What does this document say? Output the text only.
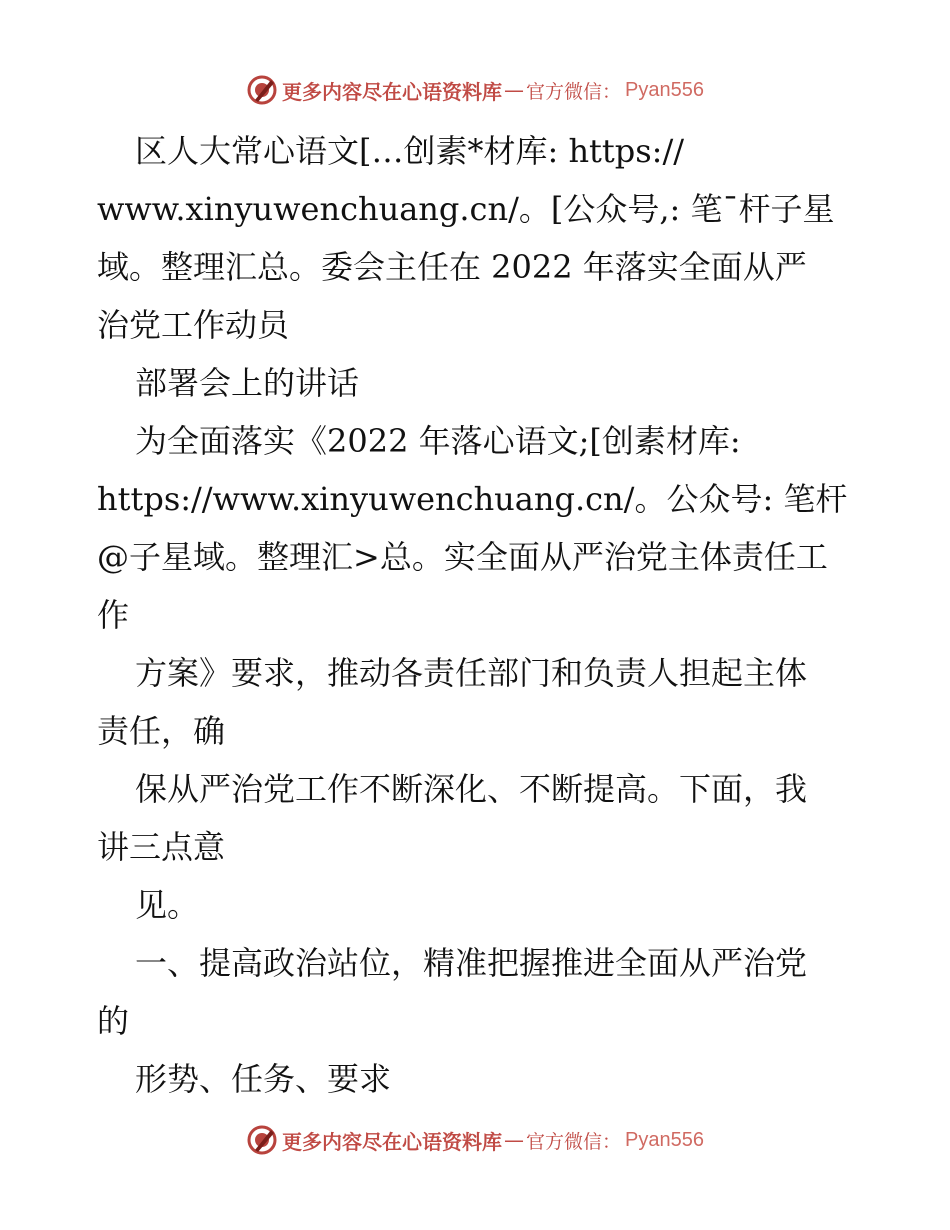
更多内容尽在心语资料库 — 官方微信： Pyan556
区人大常心语文[…创素*材库: https://
www.xinyuwenchuang.cn/。[公众号,: 笔¯杆子星
域。整理汇总。委会主任在 2022 年落实全面从严
治党工作动员
部署会上的讲话
为全面落实《2022 年落心语文;[创素材库:
https://www.xinyuwenchuang.cn/。公众号: 笔杆
@子星域。整理汇>总。实全面从严治党主体责任工
作
方案》要求，推动各责任部门和负责人担起主体
责任，确
保从严治党工作不断深化、不断提高。下面，我
讲三点意
见。
一、提高政治站位，精准把握推进全面从严治党
的
形势、任务、要求
更多内容尽在心语资料库 — 官方微信： Pyan556
